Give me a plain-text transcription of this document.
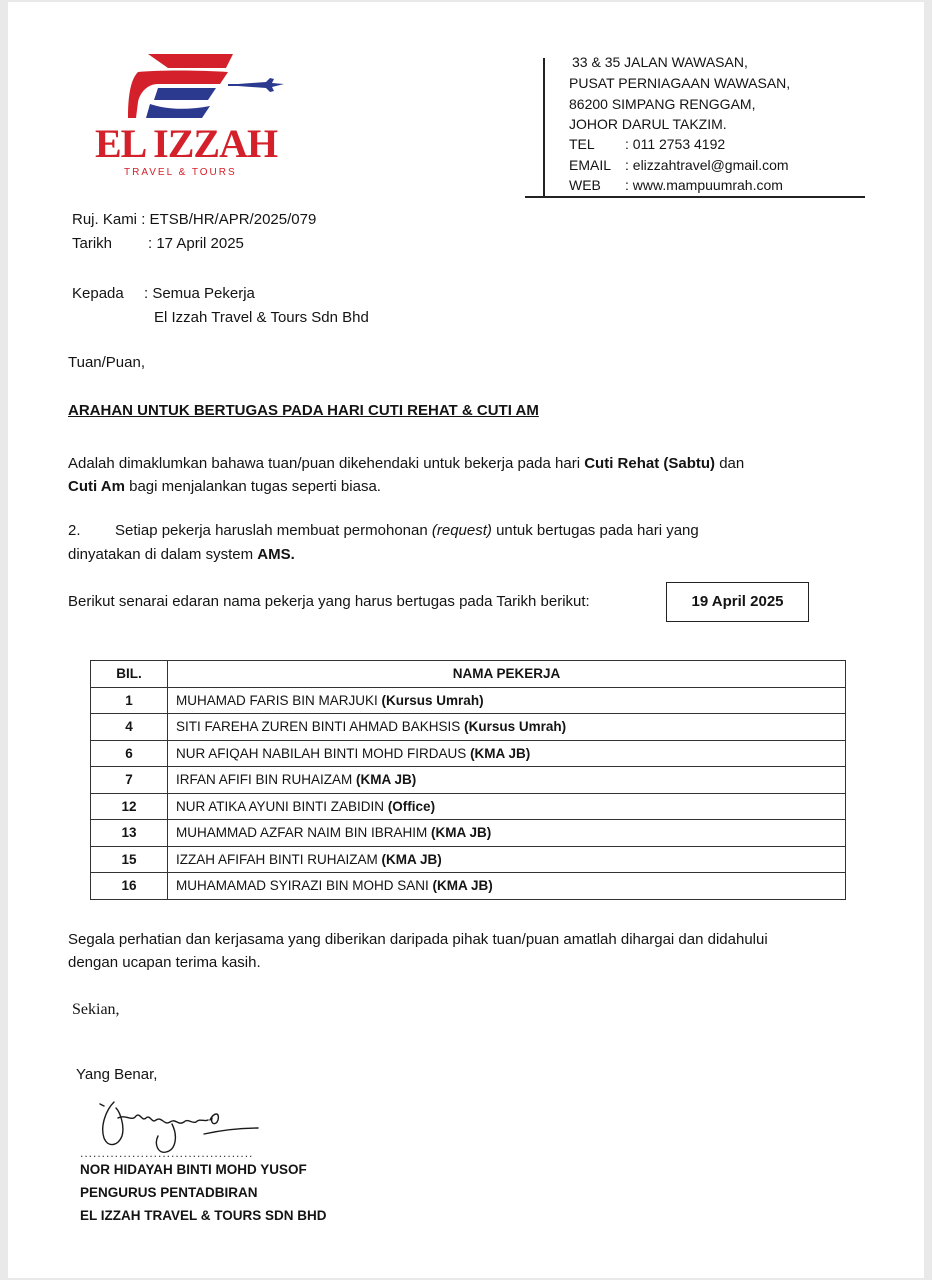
EL IZZAH
TRAVEL & TOURS
33 & 35 JALAN WAWASAN,
PUSAT PERNIAGAAN WAWASAN,
86200 SIMPANG RENGGAM,
JOHOR DARUL TAKZIM.
TEL : 011 2753 4192
EMAIL : elizzahtravel@gmail.com
WEB : www.mampuumrah.com
Ruj. Kami : ETSB/HR/APR/2025/079
Tarikh : 17 April 2025
Kepada : Semua Pekerja
El Izzah Travel & Tours Sdn Bhd
Tuan/Puan,
ARAHAN UNTUK BERTUGAS PADA HARI CUTI REHAT & CUTI AM
Adalah dimaklumkan bahawa tuan/puan dikehendaki untuk bekerja pada hari Cuti Rehat (Sabtu) dan
Cuti Am bagi menjalankan tugas seperti biasa.
2. Setiap pekerja haruslah membuat permohonan (request) untuk bertugas pada hari yang
dinyatakan di dalam system AMS.
Berikut senarai edaran nama pekerja yang harus bertugas pada Tarikh berikut:	19 April 2025
BIL.	NAMA PEKERJA
1	MUHAMAD FARIS BIN MARJUKI (Kursus Umrah)
4	SITI FAREHA ZUREN BINTI AHMAD BAKHSIS (Kursus Umrah)
6	NUR AFIQAH NABILAH BINTI MOHD FIRDAUS (KMA JB)
7	IRFAN AFIFI BIN RUHAIZAM (KMA JB)
12	NUR ATIKA AYUNI BINTI ZABIDIN (Office)
13	MUHAMMAD AZFAR NAIM BIN IBRAHIM (KMA JB)
15	IZZAH AFIFAH BINTI RUHAIZAM (KMA JB)
16	MUHAMAMAD SYIRAZI BIN MOHD SANI (KMA JB)
Segala perhatian dan kerjasama yang diberikan daripada pihak tuan/puan amatlah dihargai dan didahului
dengan ucapan terima kasih.
Sekian,
Yang Benar,
........................................
NOR HIDAYAH BINTI MOHD YUSOF
PENGURUS PENTADBIRAN
EL IZZAH TRAVEL & TOURS SDN BHD
